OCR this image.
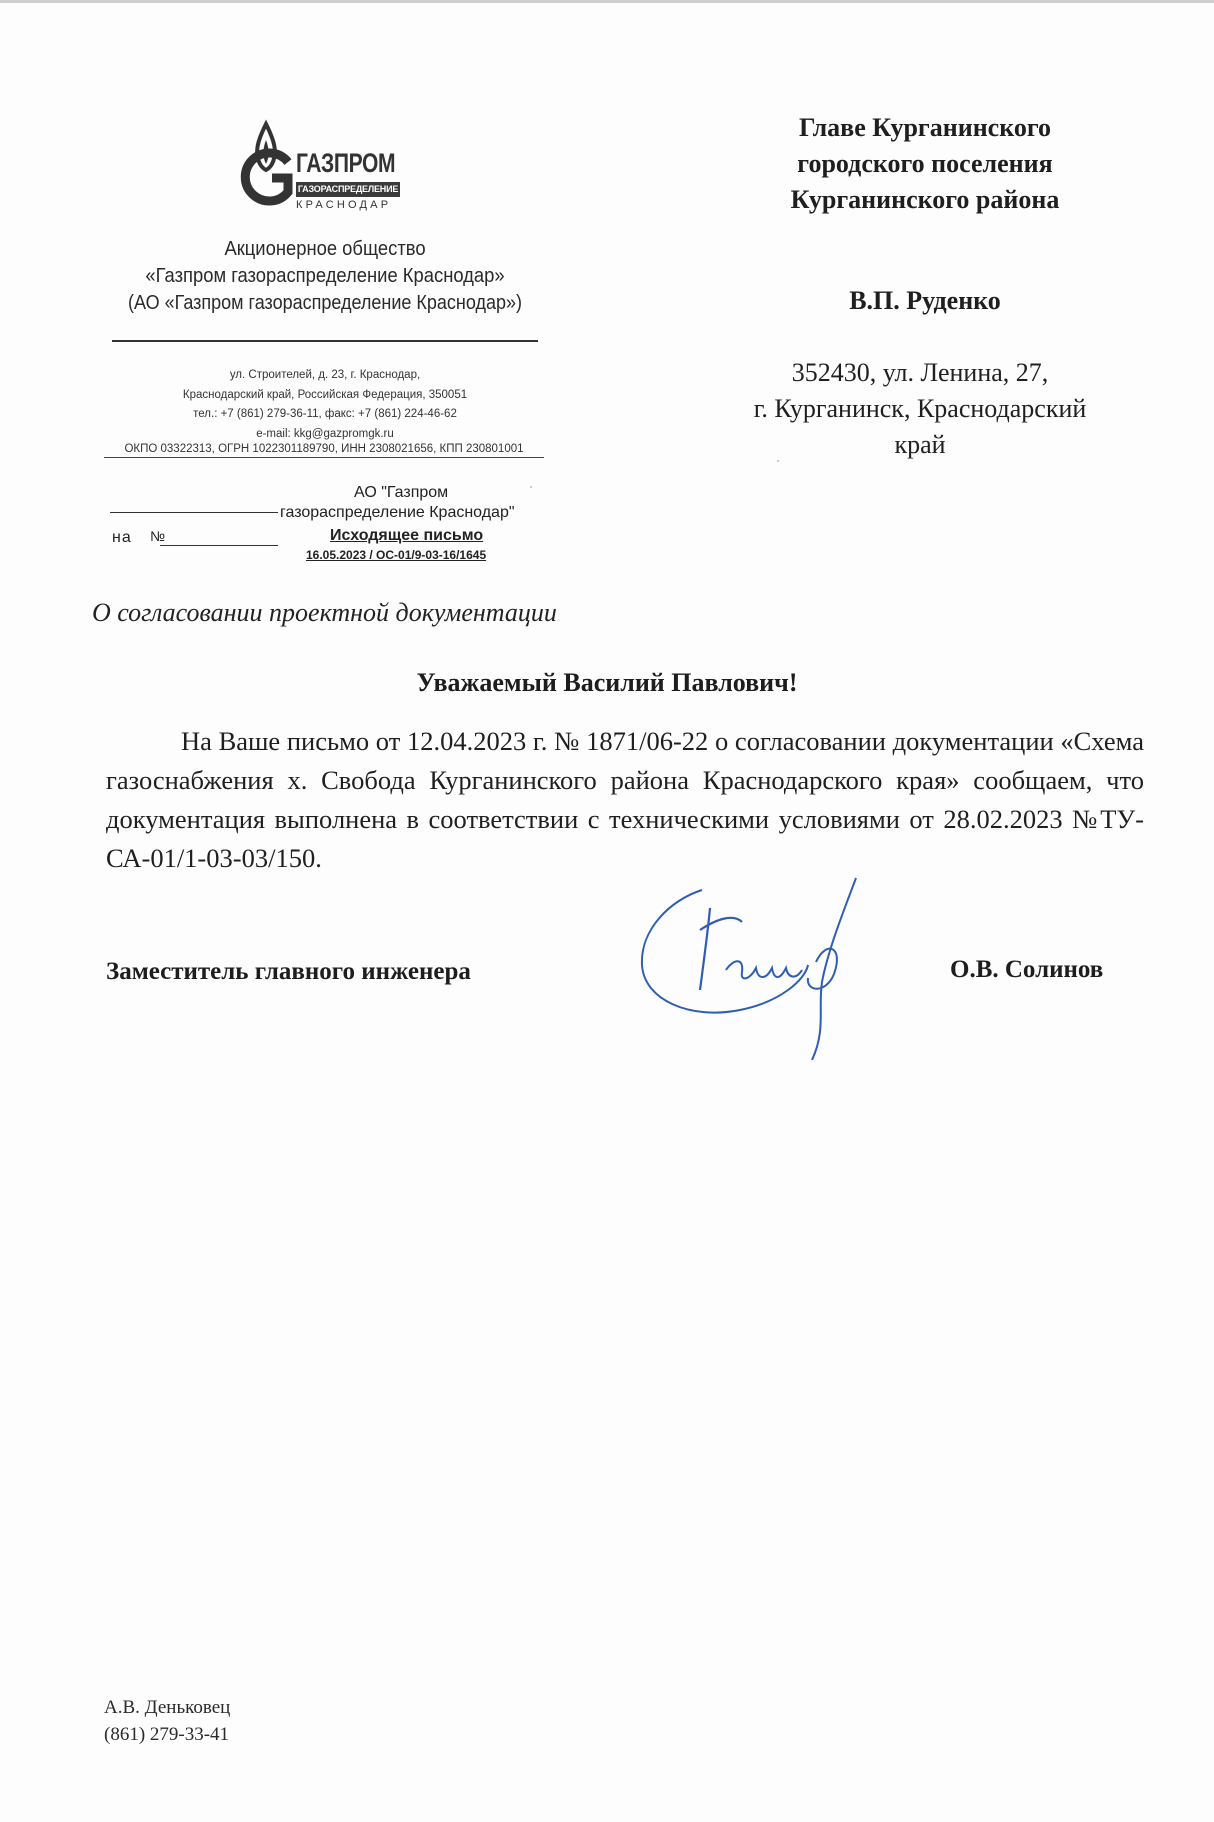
ГАЗПРОМ
ГАЗОРАСПРЕДЕЛЕНИЕ
КРАСНОДАР
Акционерное общество
«Газпром газораспределение Краснодар»
(АО «Газпром газораспределение Краснодар»)
ул. Строителей, д. 23, г. Краснодар,
Краснодарский край, Российская Федерация, 350051
тел.: +7 (861) 279-36-11, факс: +7 (861) 224-46-62
e-mail: kkg@gazpromgk.ru
ОКПО 03322313, ОГРН 1022301189790, ИНН 2308021656, КПП 230801001
АО "Газпром
газораспределение Краснодар"
на №	Исходящее письмо
16.05.2023 / ОС-01/9-03-16/1645
Главе Курганинского
городского поселения
Курганинского района
В.П. Руденко
352430, ул. Ленина, 27,
г. Курганинск, Краснодарский
край
О согласовании проектной документации
Уважаемый Василий Павлович!
На Ваше письмо от 12.04.2023 г. № 1871/06-22 о согласовании документации «Схема газоснабжения х. Свобода Курганинского района Краснодарского края» сообщаем, что документация выполнена в соответствии с техническими условиями от 28.02.2023 №ТУ-СА-01/1-03-03/150.
Заместитель главного инженера	О.В. Солинов
А.В. Деньковец
(861) 279-33-41
